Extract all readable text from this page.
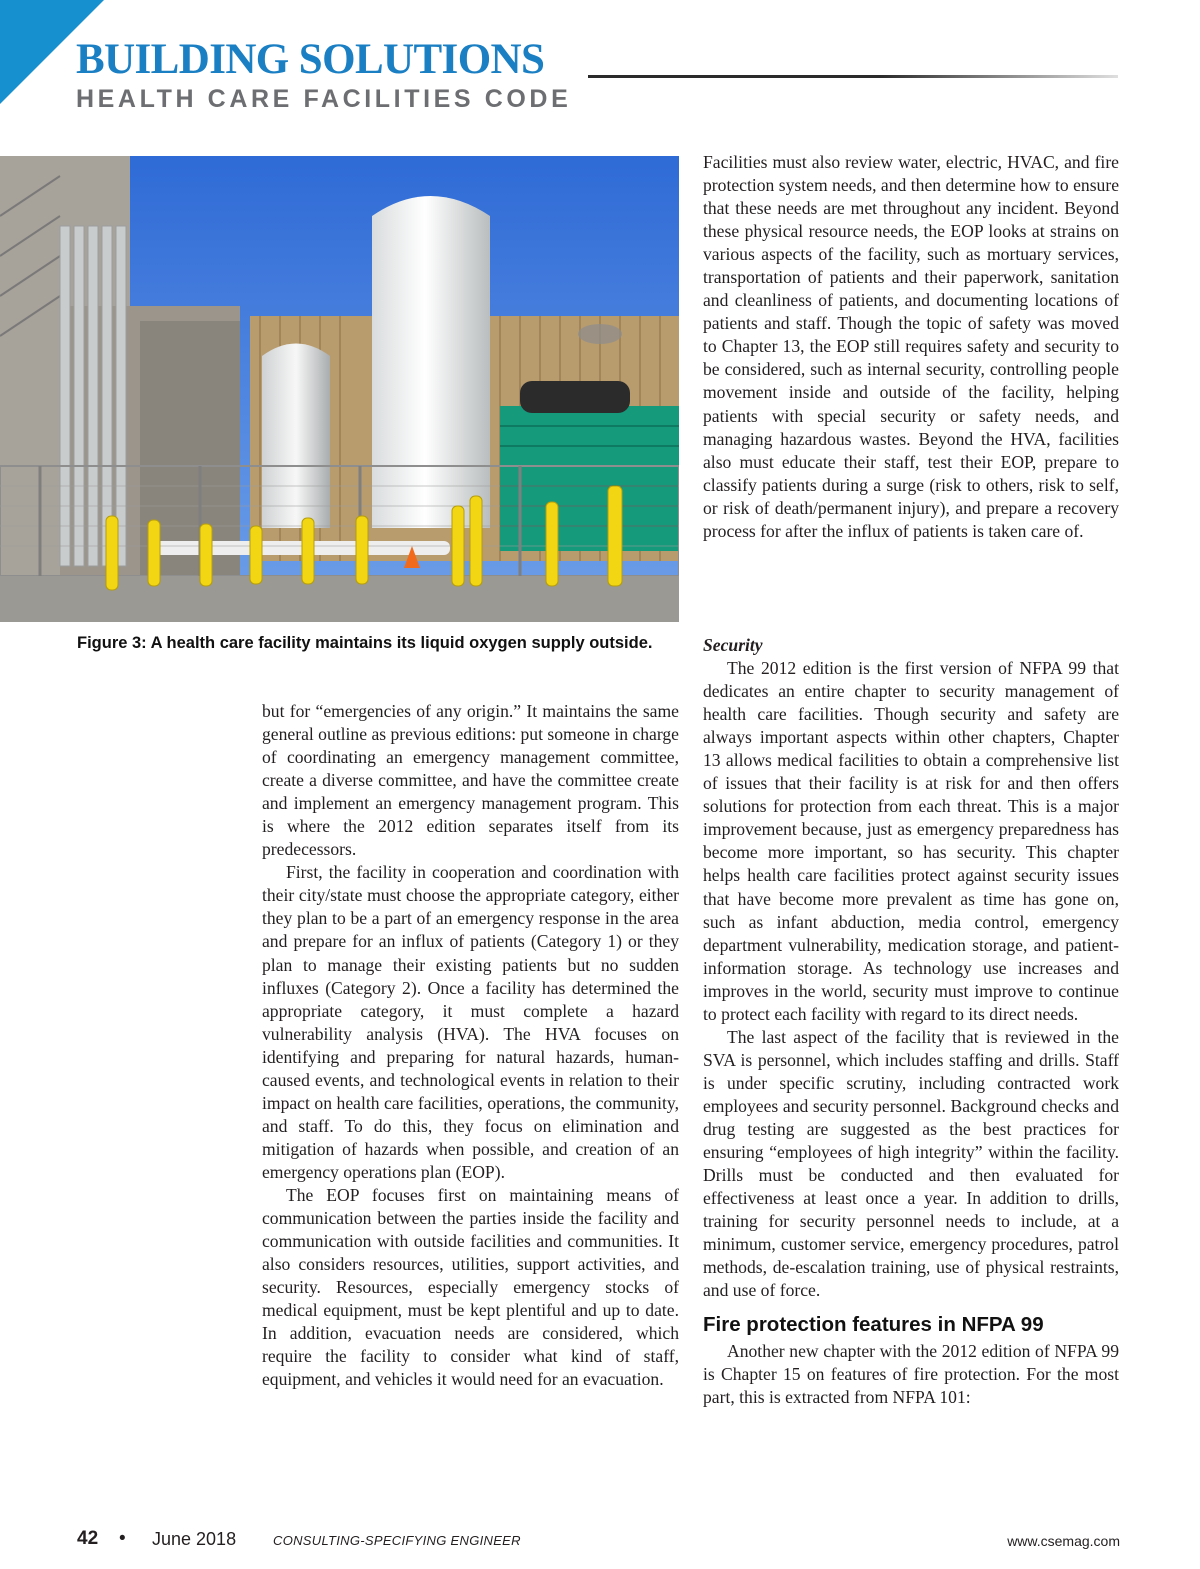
BUILDING SOLUTIONS
HEALTH CARE FACILITIES CODE

Figure 3: A health care facility maintains its liquid oxygen supply outside.

but for “emergencies of any origin.” It maintains the same general outline as previous editions: put someone in charge of coordinating an emergency management committee, create a diverse committee, and have the committee create and implement an emergency management program. This is where the 2012 edition separates itself from its predecessors.

First, the facility in cooperation and coordination with their city/state must choose the appropriate category, either they plan to be a part of an emergency response in the area and prepare for an influx of patients (Category 1) or they plan to manage their existing patients but no sudden influxes (Category 2). Once a facility has determined the appropriate category, it must complete a hazard vulnerability analysis (HVA). The HVA focuses on identifying and preparing for natural hazards, human-caused events, and technological events in relation to their impact on health care facilities, operations, the community, and staff. To do this, they focus on elimination and mitigation of hazards when possible, and creation of an emergency operations plan (EOP).

The EOP focuses first on maintaining means of communication between the parties inside the facility and communication with outside facilities and communities. It also considers resources, utilities, support activities, and security. Resources, especially emergency stocks of medical equipment, must be kept plentiful and up to date. In addition, evacuation needs are considered, which require the facility to consider what kind of staff, equipment, and vehicles it would need for an evacuation.

Facilities must also review water, electric, HVAC, and fire protection system needs, and then determine how to ensure that these needs are met throughout any incident. Beyond these physical resource needs, the EOP looks at strains on various aspects of the facility, such as mortuary services, transportation of patients and their paperwork, sanitation and cleanliness of patients, and documenting locations of patients and staff. Though the topic of safety was moved to Chapter 13, the EOP still requires safety and security to be considered, such as internal security, controlling people movement inside and outside of the facility, helping patients with special security or safety needs, and managing hazardous wastes. Beyond the HVA, facilities also must educate their staff, test their EOP, prepare to classify patients during a surge (risk to others, risk to self, or risk of death/permanent injury), and prepare a recovery process for after the influx of patients is taken care of.

Security

The 2012 edition is the first version of NFPA 99 that dedicates an entire chapter to security management of health care facilities. Though security and safety are always important aspects within other chapters, Chapter 13 allows medical facilities to obtain a comprehensive list of issues that their facility is at risk for and then offers solutions for protection from each threat. This is a major improvement because, just as emergency preparedness has become more important, so has security. This chapter helps health care facilities protect against security issues that have become more prevalent as time has gone on, such as infant abduction, media control, emergency department vulnerability, medication storage, and patient-information storage. As technology use increases and improves in the world, security must improve to continue to protect each facility with regard to its direct needs.

The last aspect of the facility that is reviewed in the SVA is personnel, which includes staffing and drills. Staff is under specific scrutiny, including contracted work employees and security personnel. Background checks and drug testing are suggested as the best practices for ensuring “employees of high integrity” within the facility. Drills must be conducted and then evaluated for effectiveness at least once a year. In addition to drills, training for security personnel needs to include, at a minimum, customer service, emergency procedures, patrol methods, de-escalation training, use of physical restraints, and use of force.

Fire protection features in NFPA 99

Another new chapter with the 2012 edition of NFPA 99 is Chapter 15 on features of fire protection. For the most part, this is extracted from NFPA 101:

42 • June 2018	CONSULTING-SPECIFYING ENGINEER	www.csemag.com
